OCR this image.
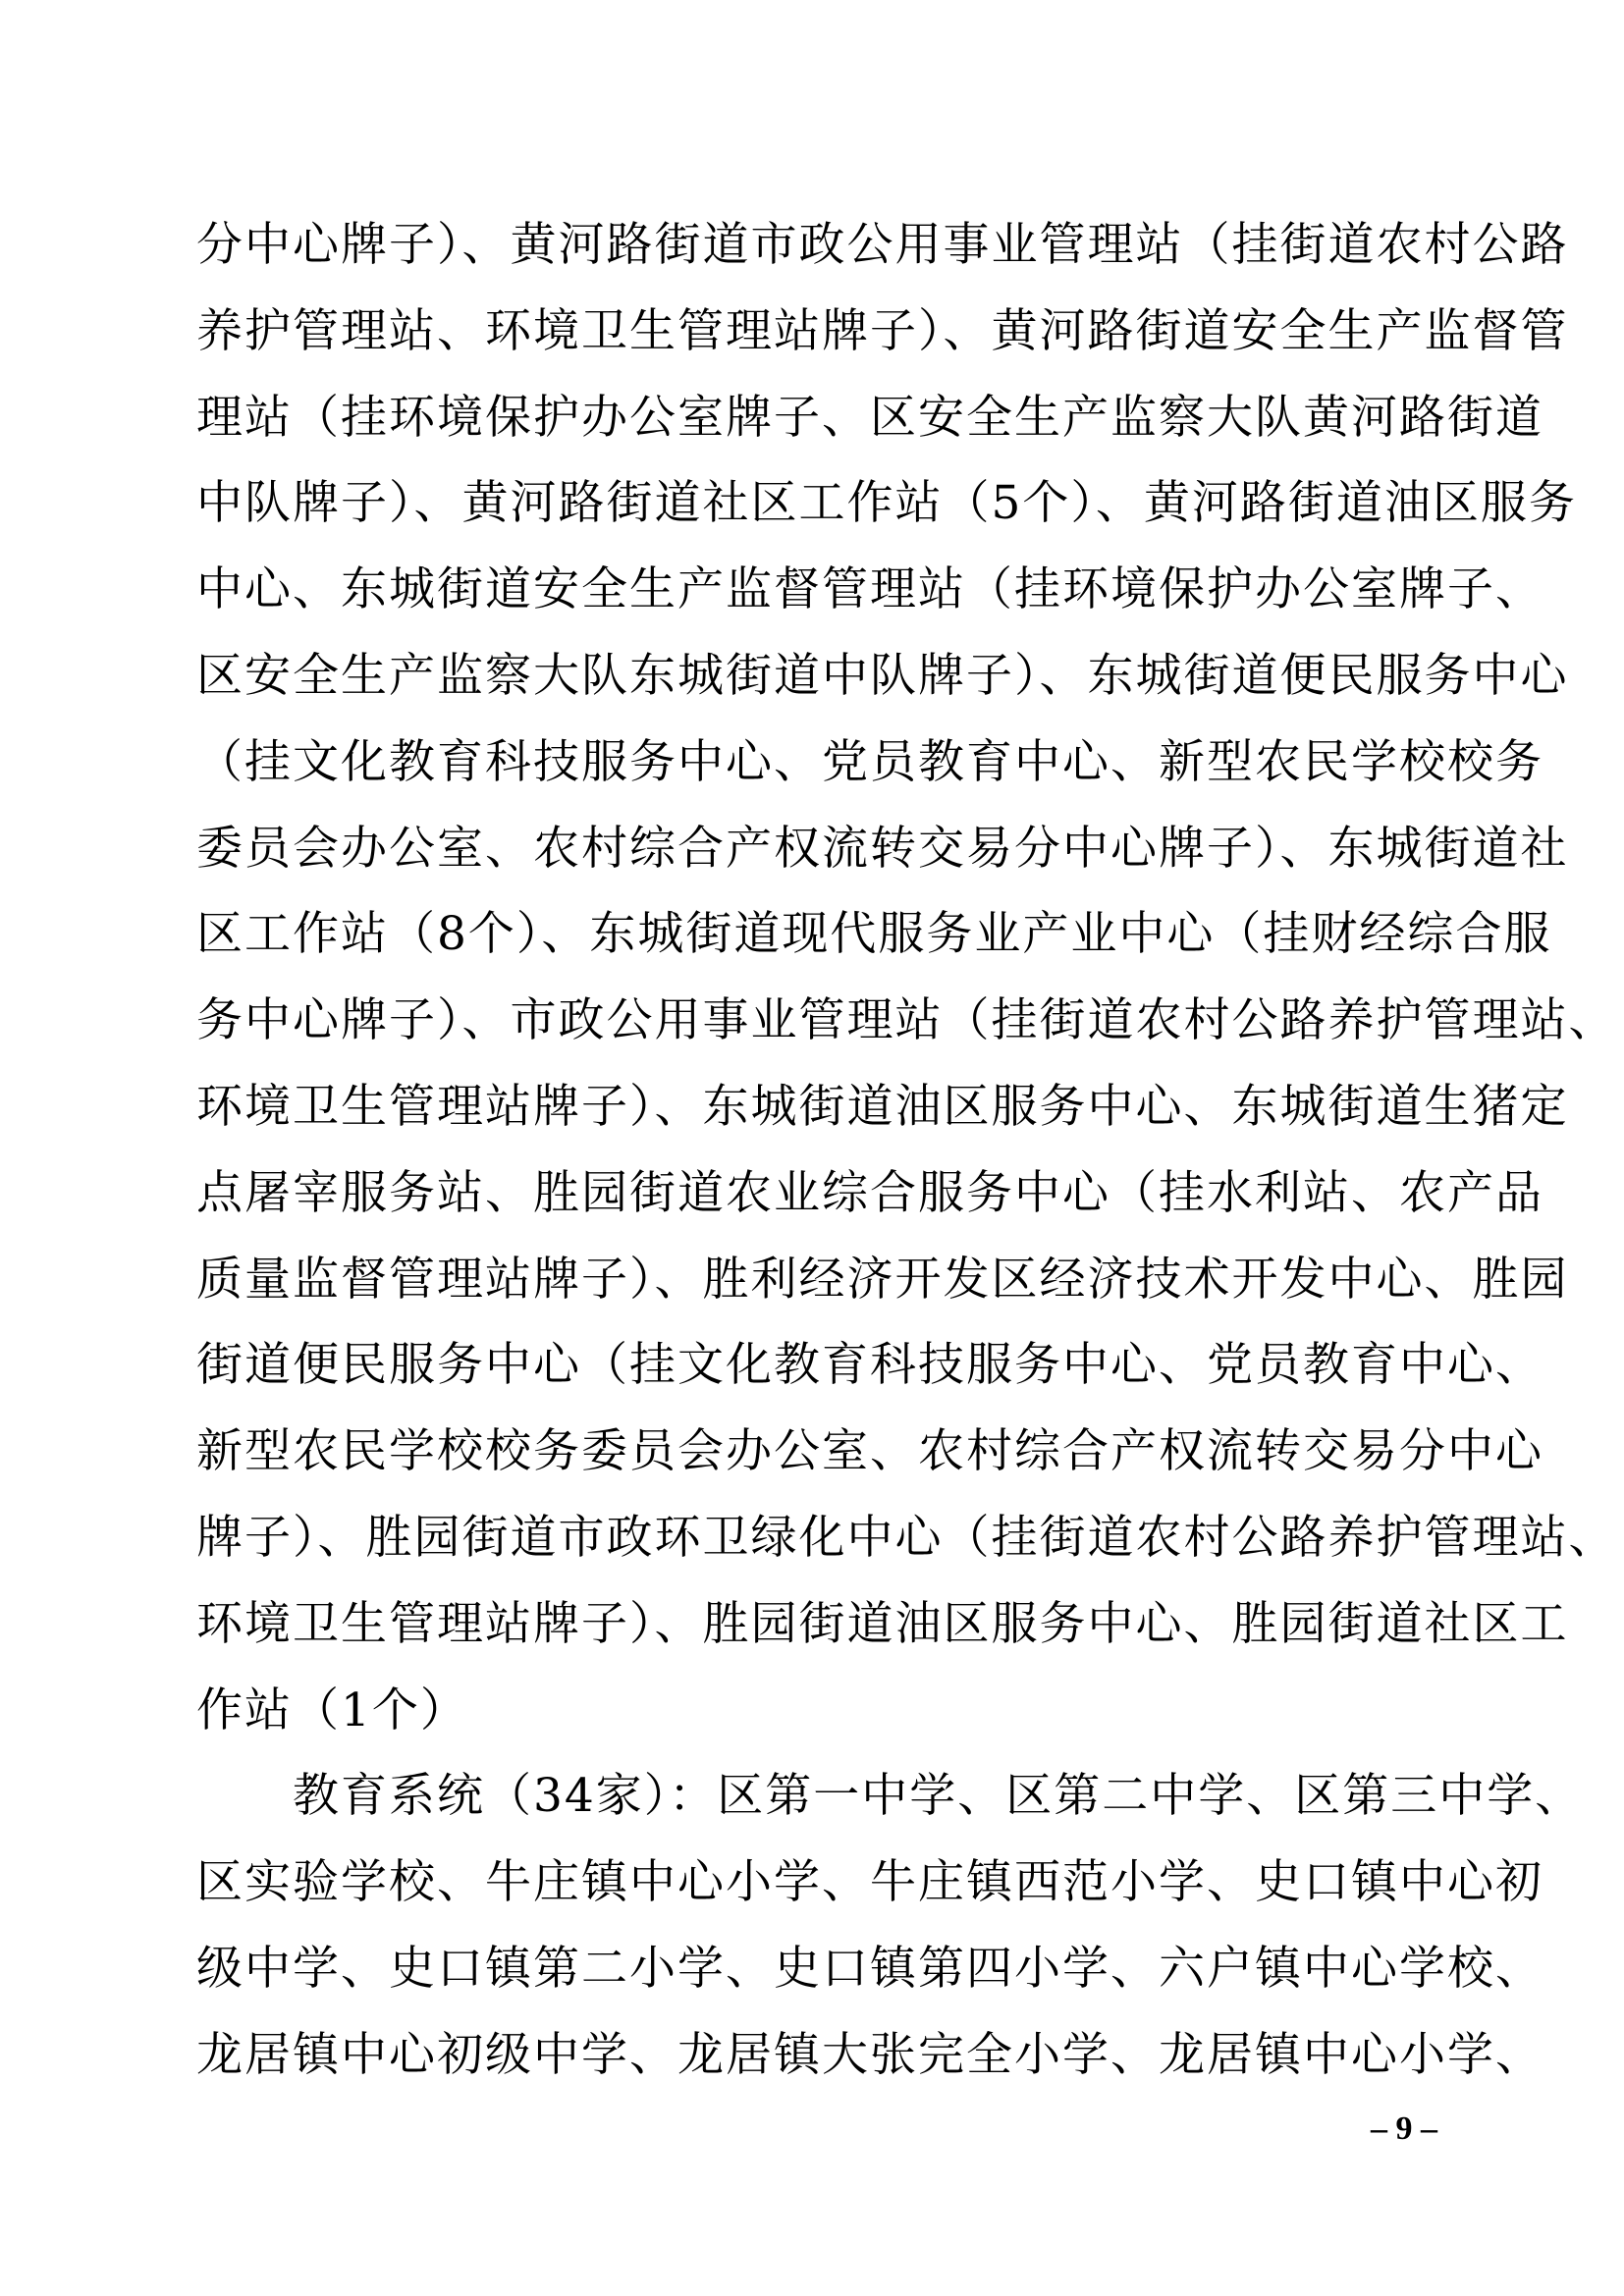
分中心牌子）、黄河路街道市政公用事业管理站（挂街道农村公路
养护管理站、环境卫生管理站牌子）、黄河路街道安全生产监督管
理站（挂环境保护办公室牌子、区安全生产监察大队黄河路街道
中队牌子）、黄河路街道社区工作站（5个）、黄河路街道油区服务
中心、东城街道安全生产监督管理站（挂环境保护办公室牌子、
区安全生产监察大队东城街道中队牌子）、东城街道便民服务中心
（挂文化教育科技服务中心、党员教育中心、新型农民学校校务
委员会办公室、农村综合产权流转交易分中心牌子）、东城街道社
区工作站（8个）、东城街道现代服务业产业中心（挂财经综合服
务中心牌子）、市政公用事业管理站（挂街道农村公路养护管理站、
环境卫生管理站牌子）、东城街道油区服务中心、东城街道生猪定
点屠宰服务站、胜园街道农业综合服务中心（挂水利站、农产品
质量监督管理站牌子）、胜利经济开发区经济技术开发中心、胜园
街道便民服务中心（挂文化教育科技服务中心、党员教育中心、
新型农民学校校务委员会办公室、农村综合产权流转交易分中心
牌子）、胜园街道市政环卫绿化中心（挂街道农村公路养护管理站、
环境卫生管理站牌子）、胜园街道油区服务中心、胜园街道社区工
作站（1个）
　　教育系统（34家）：区第一中学、区第二中学、区第三中学、
区实验学校、牛庄镇中心小学、牛庄镇西范小学、史口镇中心初
级中学、史口镇第二小学、史口镇第四小学、六户镇中心学校、
龙居镇中心初级中学、龙居镇大张完全小学、龙居镇中心小学、
– 9 –
